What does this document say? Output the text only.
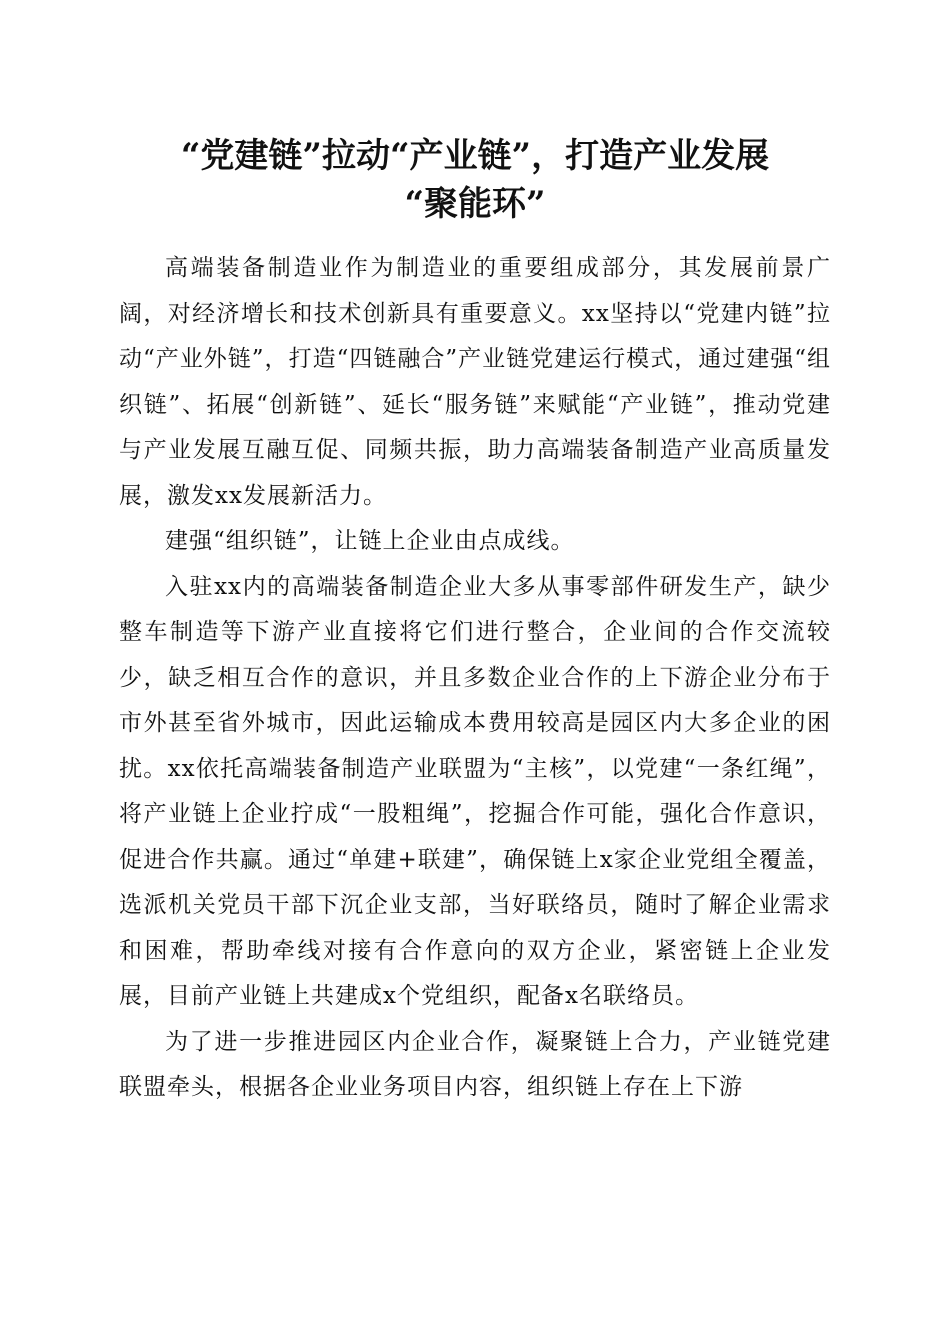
“党建链”拉动“产业链”，打造产业发展
“聚能环”

高端装备制造业作为制造业的重要组成部分，其发展前景广阔，对经济增长和技术创新具有重要意义。xx坚持以“党建内链”拉动“产业外链”，打造“四链融合”产业链党建运行模式，通过建强“组织链”、拓展“创新链”、延长“服务链”来赋能“产业链”，推动党建与产业发展互融互促、同频共振，助力高端装备制造产业高质量发展，激发xx发展新活力。

建强“组织链”，让链上企业由点成线。

入驻xx内的高端装备制造企业大多从事零部件研发生产，缺少整车制造等下游产业直接将它们进行整合，企业间的合作交流较少，缺乏相互合作的意识，并且多数企业合作的上下游企业分布于市外甚至省外城市，因此运输成本费用较高是园区内大多企业的困扰。xx依托高端装备制造产业联盟为“主核”，以党建“一条红绳”，将产业链上企业拧成“一股粗绳”，挖掘合作可能，强化合作意识，促进合作共赢。通过“单建+联建”，确保链上x家企业党组全覆盖，选派机关党员干部下沉企业支部，当好联络员，随时了解企业需求和困难，帮助牵线对接有合作意向的双方企业，紧密链上企业发展，目前产业链上共建成x个党组织，配备x名联络员。

为了进一步推进园区内企业合作，凝聚链上合力，产业链党建联盟牵头，根据各企业业务项目内容，组织链上存在上下游
